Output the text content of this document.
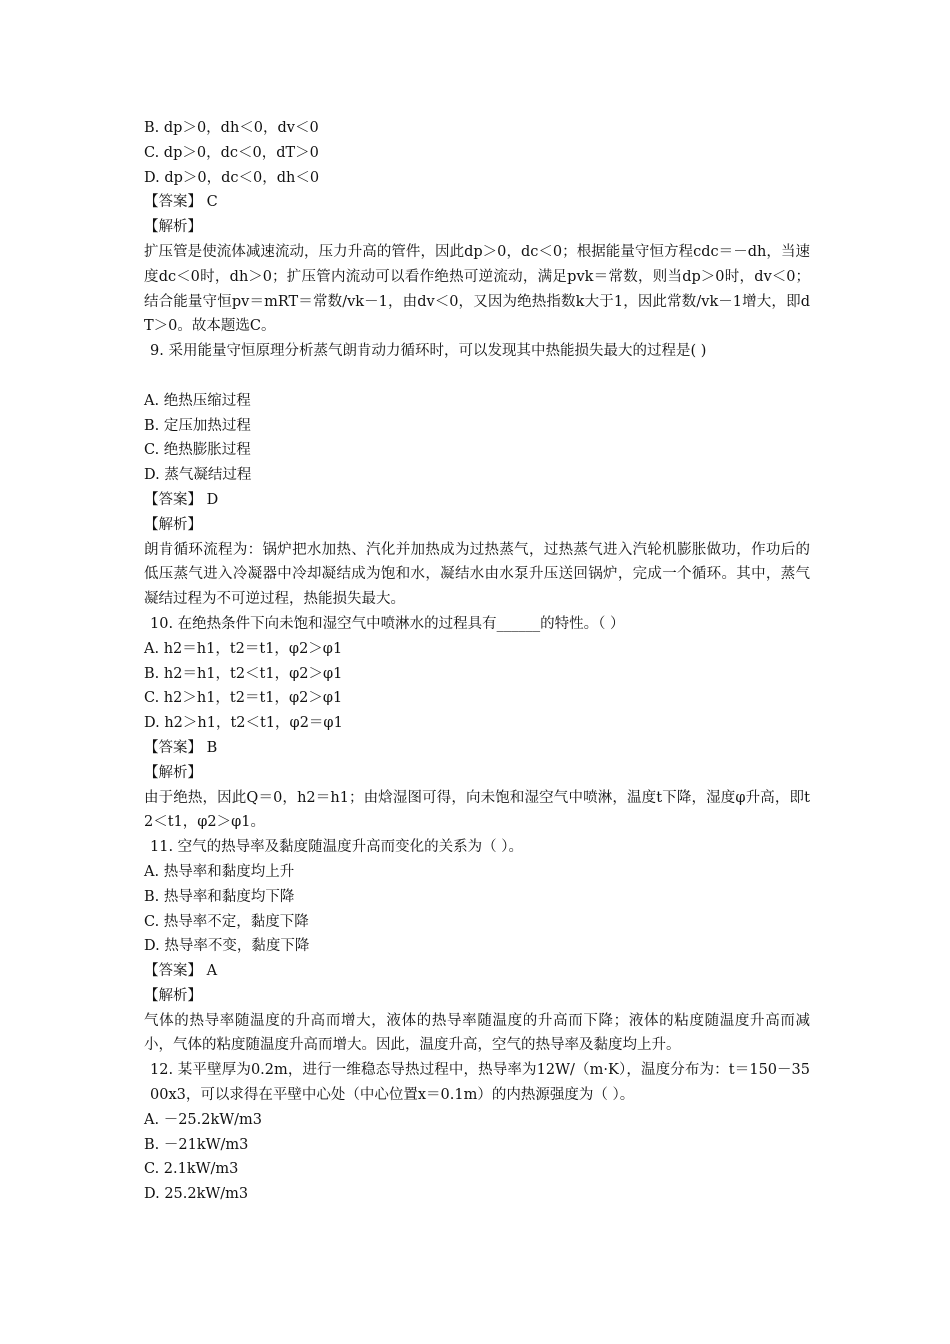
B. dp＞0，dh＜0，dv＜0
C. dp＞0，dc＜0，dT＞0
D. dp＞0，dc＜0，dh＜0
【答案】 C
【解析】
扩压管是使流体减速流动，压力升高的管件，因此dp＞0，dc＜0；根据能量守恒方程cdc＝－dh，当速度dc＜0时，dh＞0；扩压管内流动可以看作绝热可逆流动，满足pvk＝常数，则当dp＞0时，dv＜0；结合能量守恒pv＝mRT＝常数/vk－1，由dv＜0，又因为绝热指数k大于1，因此常数/vk－1增大，即dT＞0。故本题选C。
9. 采用能量守恒原理分析蒸气朗肯动力循环时，可以发现其中热能损失最大的过程是( )
A. 绝热压缩过程
B. 定压加热过程
C. 绝热膨胀过程
D. 蒸气凝结过程
【答案】 D
【解析】
朗肯循环流程为：锅炉把水加热、汽化并加热成为过热蒸气，过热蒸气进入汽轮机膨胀做功，作功后的低压蒸气进入冷凝器中冷却凝结成为饱和水，凝结水由水泵升压送回锅炉，完成一个循环。其中，蒸气凝结过程为不可逆过程，热能损失最大。
10. 在绝热条件下向未饱和湿空气中喷淋水的过程具有______的特性。（ ）
A. h2＝h1，t2＝t1，φ2＞φ1
B. h2＝h1，t2＜t1，φ2＞φ1
C. h2＞h1，t2＝t1，φ2＞φ1
D. h2＞h1，t2＜t1，φ2＝φ1
【答案】 B
【解析】
由于绝热，因此Q＝0，h2＝h1；由焓湿图可得，向未饱和湿空气中喷淋，温度t下降，湿度φ升高，即t2＜t1，φ2＞φ1。
11. 空气的热导率及黏度随温度升高而变化的关系为（ ）。
A. 热导率和黏度均上升
B. 热导率和黏度均下降
C. 热导率不定，黏度下降
D. 热导率不变，黏度下降
【答案】 A
【解析】
气体的热导率随温度的升高而增大，液体的热导率随温度的升高而下降；液体的粘度随温度升高而减小，气体的粘度随温度升高而增大。因此，温度升高，空气的热导率及黏度均上升。
12. 某平壁厚为0.2m，进行一维稳态导热过程中，热导率为12W/（m·K），温度分布为：t＝150－3500x3，可以求得在平壁中心处（中心位置x＝0.1m）的内热源强度为（ ）。
A. －25.2kW/m3
B. －21kW/m3
C. 2.1kW/m3
D. 25.2kW/m3
